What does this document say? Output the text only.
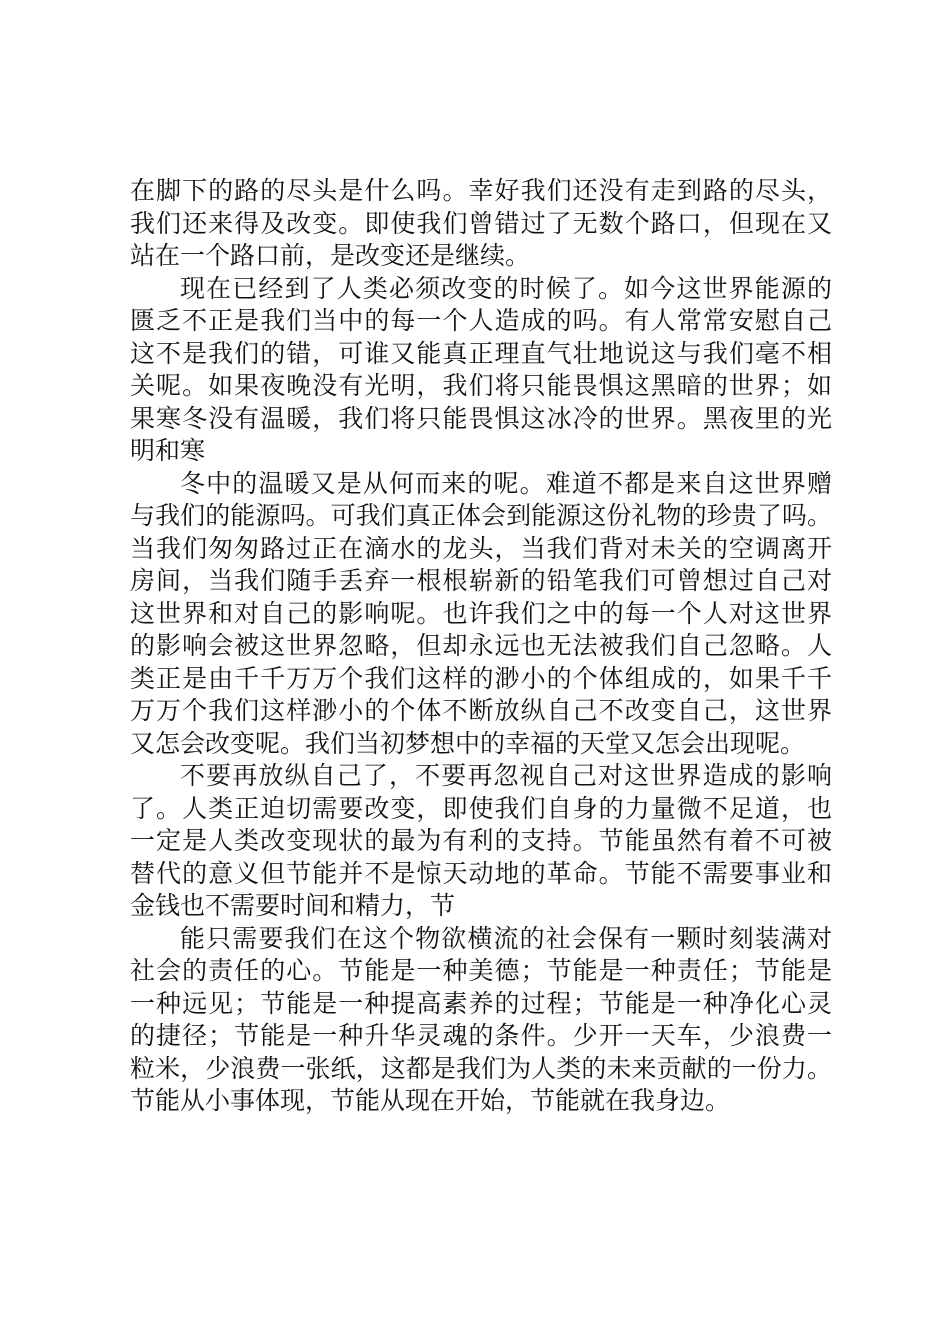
在脚下的路的尽头是什么吗。幸好我们还没有走到路的尽头，
我们还来得及改变。即使我们曾错过了无数个路口，但现在又
站在一个路口前，是改变还是继续。
现在已经到了人类必须改变的时候了。如今这世界能源的
匮乏不正是我们当中的每一个人造成的吗。有人常常安慰自己
这不是我们的错，可谁又能真正理直气壮地说这与我们毫不相
关呢。如果夜晚没有光明，我们将只能畏惧这黑暗的世界；如
果寒冬没有温暖，我们将只能畏惧这冰冷的世界。黑夜里的光
明和寒
冬中的温暖又是从何而来的呢。难道不都是来自这世界赠
与我们的能源吗。可我们真正体会到能源这份礼物的珍贵了吗。
当我们匆匆路过正在滴水的龙头，当我们背对未关的空调离开
房间，当我们随手丢弃一根根崭新的铅笔我们可曾想过自己对
这世界和对自己的影响呢。也许我们之中的每一个人对这世界
的影响会被这世界忽略，但却永远也无法被我们自己忽略。人
类正是由千千万万个我们这样的渺小的个体组成的，如果千千
万万个我们这样渺小的个体不断放纵自己不改变自己，这世界
又怎会改变呢。我们当初梦想中的幸福的天堂又怎会出现呢。
不要再放纵自己了，不要再忽视自己对这世界造成的影响
了。人类正迫切需要改变，即使我们自身的力量微不足道，也
一定是人类改变现状的最为有利的支持。节能虽然有着不可被
替代的意义但节能并不是惊天动地的革命。节能不需要事业和
金钱也不需要时间和精力，节
能只需要我们在这个物欲横流的社会保有一颗时刻装满对
社会的责任的心。节能是一种美德；节能是一种责任；节能是
一种远见；节能是一种提高素养的过程；节能是一种净化心灵
的捷径；节能是一种升华灵魂的条件。少开一天车，少浪费一
粒米，少浪费一张纸，这都是我们为人类的未来贡献的一份力。
节能从小事体现，节能从现在开始，节能就在我身边。
